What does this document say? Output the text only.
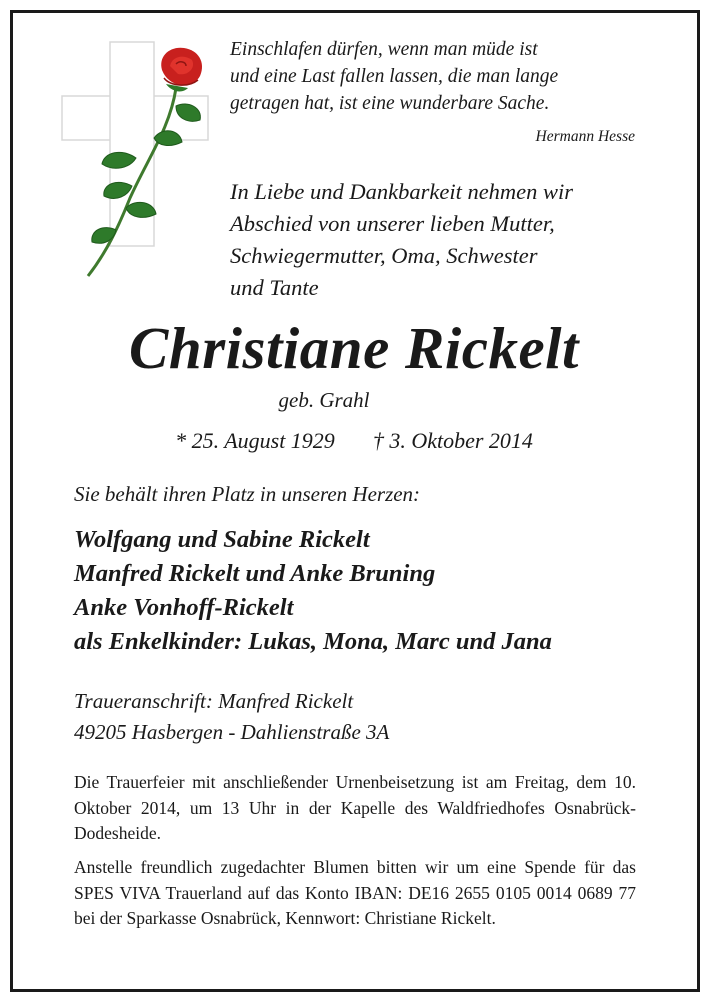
Einschlafen dürfen, wenn man müde ist
und eine Last fallen lassen, die man lange
getragen hat, ist eine wunderbare Sache.
Hermann Hesse
In Liebe und Dankbarkeit nehmen wir
Abschied von unserer lieben Mutter,
Schwiegermutter, Oma, Schwester
und Tante
Christiane Rickelt
geb. Grahl
* 25. August 1929 † 3. Oktober 2014
Sie behält ihren Platz in unseren Herzen:
Wolfgang und Sabine Rickelt
Manfred Rickelt und Anke Bruning
Anke Vonhoff-Rickelt
als Enkelkinder: Lukas, Mona, Marc und Jana
Traueranschrift: Manfred Rickelt
49205 Hasbergen - Dahlienstraße 3A
Die Trauerfeier mit anschließender Urnenbeisetzung ist am Freitag, dem 10. Oktober 2014, um 13 Uhr in der Kapelle des Waldfriedhofes Osnabrück-Dodesheide.
Anstelle freundlich zugedachter Blumen bitten wir um eine Spende für das SPES VIVA Trauerland auf das Konto IBAN: DE16 2655 0105 0014 0689 77 bei der Sparkasse Osnabrück, Kennwort: Christiane Rickelt.
